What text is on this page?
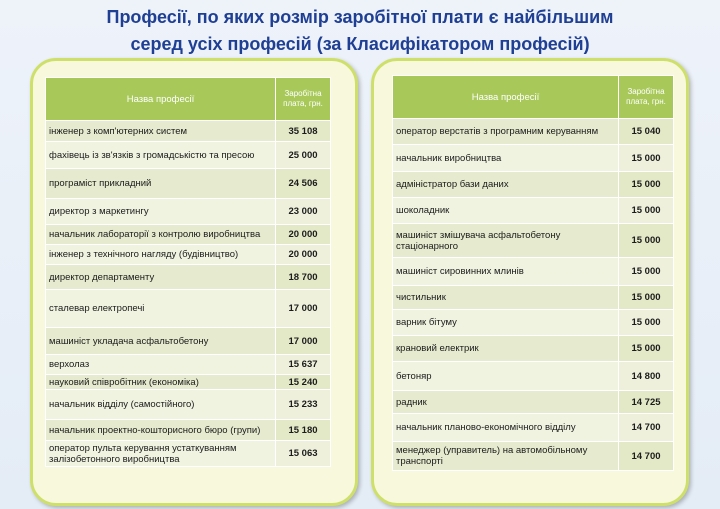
Професії, по яких розмір заробітної плати є найбільшим
серед усіх професій (за Класифікатором професій)
Назва професії	Заробітна плата, грн.
інженер з комп'ютерних систем	35 108
фахівець із зв'язків з громадськістю та пресою	25 000
програміст прикладний	24 506
директор з маркетингу	23 000
начальник лабораторії з контролю виробництва	20 000
інженер з технічного нагляду (будівництво)	20 000
директор департаменту	18 700
сталевар електропечі	17 000
машиніст укладача асфальтобетону	17 000
верхолаз	15 637
науковий співробітник (економіка)	15 240
начальник відділу (самостійного)	15 233
начальник проектно-кошторисного бюро (групи)	15 180
оператор пульта керування устаткуванням залізобетонного виробництва	15 063
Назва професії	Заробітна плата, грн.
оператор верстатів з програмним керуванням	15 040
начальник виробництва	15 000
адміністратор бази даних	15 000
шоколадник	15 000
машиніст змішувача асфальтобетону стаціонарного	15 000
машиніст сировинних млинів	15 000
чистильник	15 000
варник бітуму	15 000
крановий електрик	15 000
бетоняр	14 800
радник	14 725
начальник планово-економічного відділу	14 700
менеджер (управитель) на автомобільному транспорті	14 700
